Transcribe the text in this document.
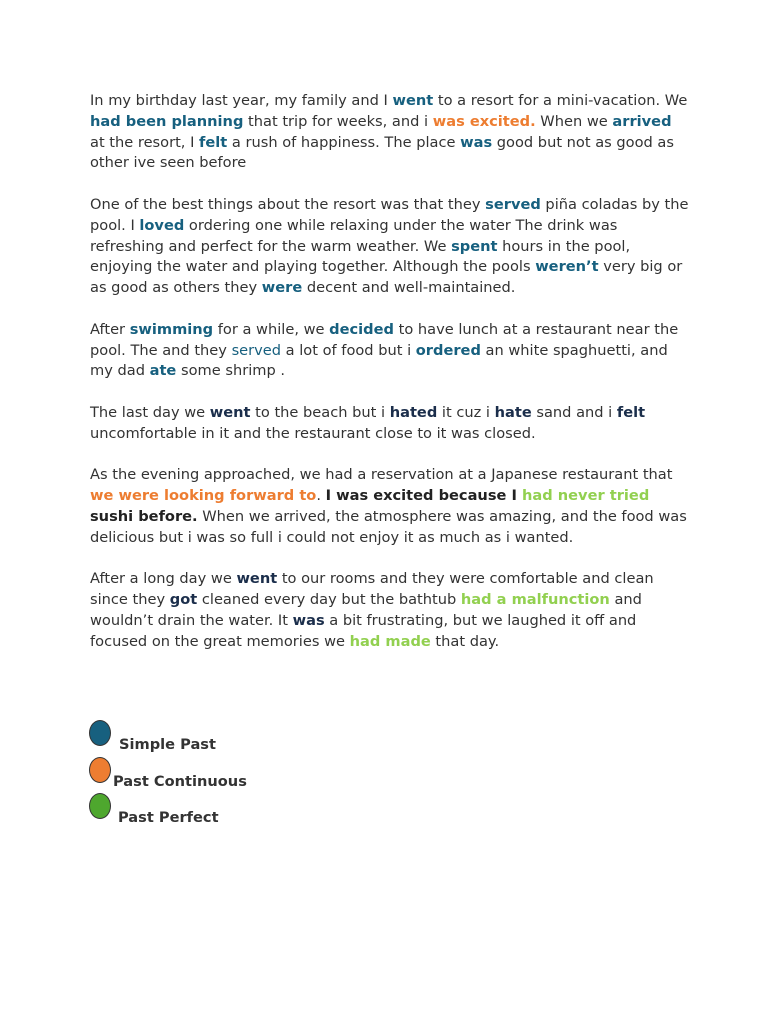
In my birthday last year, my family and I went to a resort for a mini-vacation. We had been planning that trip for weeks, and i was excited. When we arrived at the resort, I felt a rush of happiness. The place was good but not as good as other ive seen before

One of the best things about the resort was that they served piña coladas by the pool. I loved ordering one while relaxing under the water The drink was refreshing and perfect for the warm weather. We spent hours in the pool, enjoying the water and playing together. Although the pools weren’t very big or as good as others they were decent and well-maintained.

After swimming for a while, we decided to have lunch at a restaurant near the pool. The and they served a lot of food but i ordered an white spaghuetti, and my dad ate some shrimp .

The last day we went to the beach but i hated it cuz i hate sand and i felt uncomfortable in it and the restaurant close to it was closed.

As the evening approached, we had a reservation at a Japanese restaurant that we were looking forward to. I was excited because I had never tried sushi before. When we arrived, the atmosphere was amazing, and the food was delicious but i was so full i could not enjoy it as much as i wanted.

After a long day we went to our rooms and they were comfortable and clean since they got cleaned every day but the bathtub had a malfunction and wouldn’t drain the water. It was a bit frustrating, but we laughed it off and focused on the great memories we had made that day.

Simple Past
Past Continuous
Past Perfect
